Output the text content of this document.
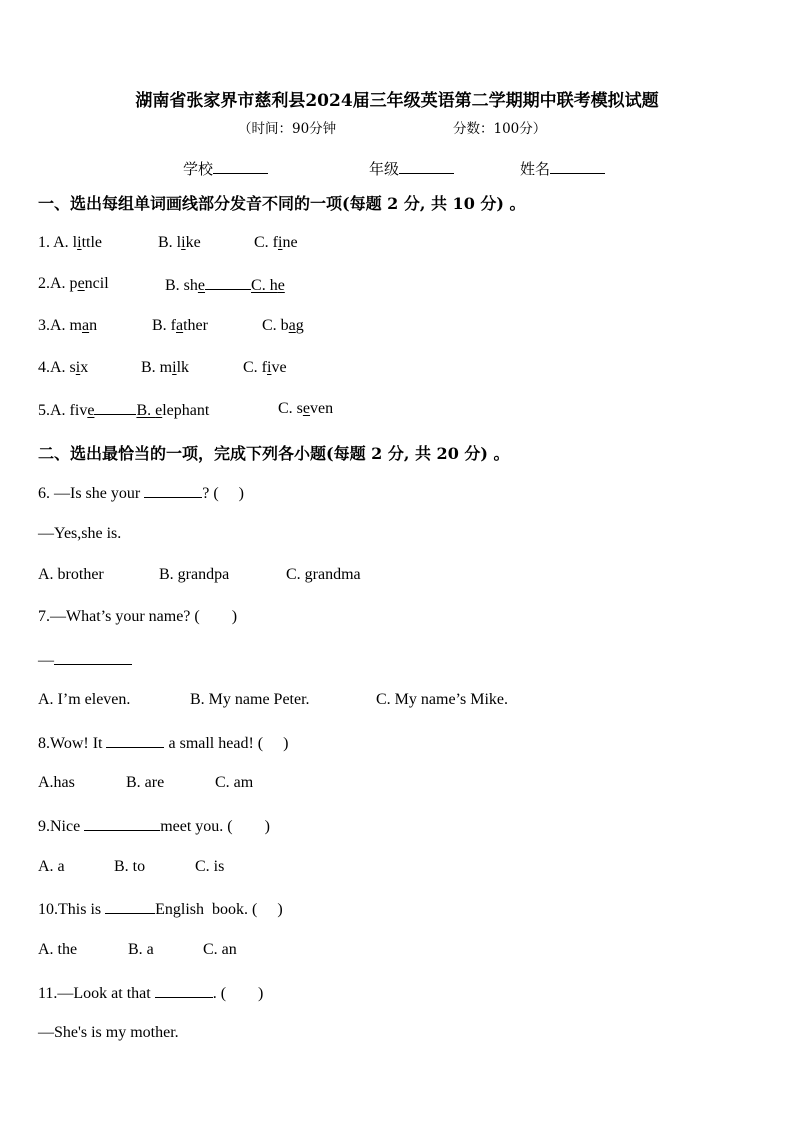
湖南省张家界市慈利县2024届三年级英语第二学期期中联考模拟试题
（时间：90分钟	分数：100分）
学校	年级	姓名
一、选出每组单词画线部分发音不同的一项(每题 2 分, 共 10 分) 。
1. A. little	B. like	C. fine
2.A. pencil	B. she	C. he
3.A. man	B. father	C. bag
4.A. six	B. milk	C. five
5.A. five	B. elephant	C. seven
二、选出最恰当的一项，完成下列各小题(每题 2 分, 共 20 分) 。
6. —Is she your	? (     )
—Yes,she is.
A. brother	B. grandpa	C. grandma
7.—What’s your name? (        )
—
A. I’m eleven.	B. My name Peter.	C. My name’s Mike.
8.Wow! It	a small head! (     )
A.has	B. are	C. am
9.Nice	meet you. (        )
A. a	B. to	C. is
10.This is	English  book. (     )
A. the	B. a	C. an
11.—Look at that	. (        )
—She's is my mother.
